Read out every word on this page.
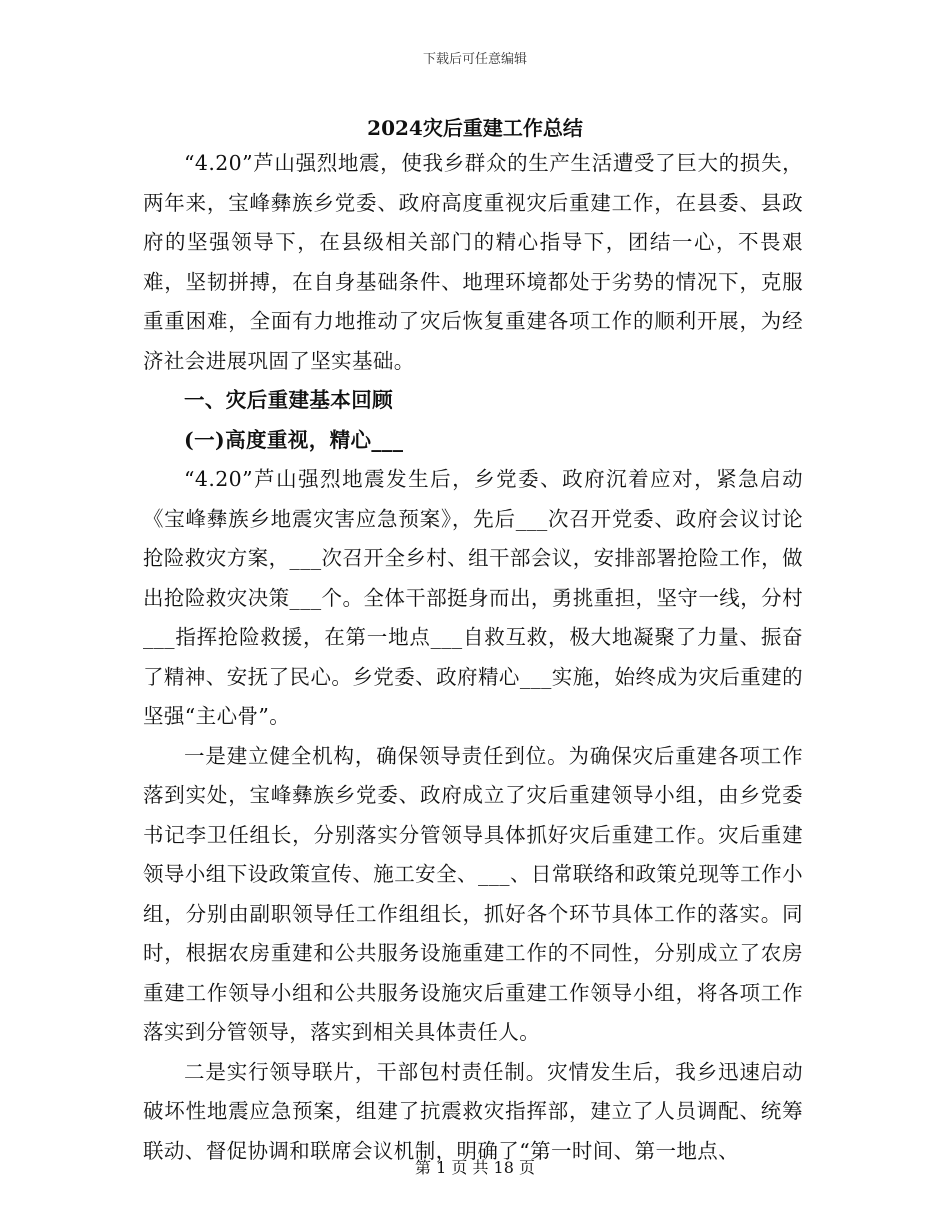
下载后可任意编辑
2024灾后重建工作总结

“4.20”芦山强烈地震，使我乡群众的生产生活遭受了巨大的损失，两年来，宝峰彝族乡党委、政府高度重视灾后重建工作，在县委、县政府的坚强领导下，在县级相关部门的精心指导下，团结一心，不畏艰难，坚韧拼搏，在自身基础条件、地理环境都处于劣势的情况下，克服重重困难，全面有力地推动了灾后恢复重建各项工作的顺利开展，为经济社会进展巩固了坚实基础。

一、灾后重建基本回顾

(一)高度重视，精心___

“4.20”芦山强烈地震发生后，乡党委、政府沉着应对，紧急启动《宝峰彝族乡地震灾害应急预案》，先后___次召开党委、政府会议讨论抢险救灾方案，___次召开全乡村、组干部会议，安排部署抢险工作，做出抢险救灾决策___个。全体干部挺身而出，勇挑重担，坚守一线，分村___指挥抢险救援，在第一地点___自救互救，极大地凝聚了力量、振奋了精神、安抚了民心。乡党委、政府精心___实施，始终成为灾后重建的坚强“主心骨”。

一是建立健全机构，确保领导责任到位。为确保灾后重建各项工作落到实处，宝峰彝族乡党委、政府成立了灾后重建领导小组，由乡党委书记李卫任组长，分别落实分管领导具体抓好灾后重建工作。灾后重建领导小组下设政策宣传、施工安全、___、日常联络和政策兑现等工作小组，分别由副职领导任工作组组长，抓好各个环节具体工作的落实。同时，根据农房重建和公共服务设施重建工作的不同性，分别成立了农房重建工作领导小组和公共服务设施灾后重建工作领导小组，将各项工作落实到分管领导，落实到相关具体责任人。

二是实行领导联片，干部包村责任制。灾情发生后，我乡迅速启动破坏性地震应急预案，组建了抗震救灾指挥部，建立了人员调配、统筹联动、督促协调和联席会议机制，明确了“第一时间、第一地点、

第 1 页 共 18 页
